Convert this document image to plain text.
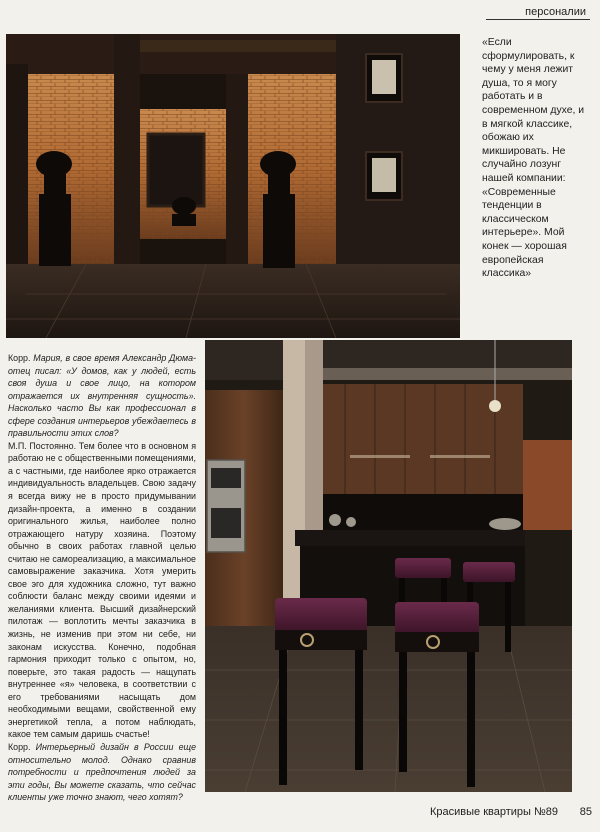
персоналии

«Если сформулировать, к чему у меня лежит душа, то я могу работать и в современном духе, и в мягкой классике, обожаю их микшировать. Не случайно лозунг нашей компании: «Современные тенденции в классическом интерьере». Мой конек — хорошая европейская классика»

Корр. Мария, в свое время Александр Дюма-отец писал: «У домов, как у людей, есть своя душа и свое лицо, на котором отражается их внутренняя сущность». Насколько часто Вы как профессионал в сфере создания интерьеров убеждаетесь в правильности этих слов?

М.П. Постоянно. Тем более что в основном я работаю не с общественными помещениями, а с частными, где наиболее ярко отражается индивидуальность владельцев. Свою задачу я всегда вижу не в просто придумывании дизайн-проекта, а именно в создании оригинального жилья, наиболее полно отражающего натуру хозяина. Поэтому обычно в своих работах главной целью считаю не самореализацию, а максимальное самовыражение заказчика. Хотя умерить свое эго для художника сложно, тут важно соблюсти баланс между своими идеями и желаниями клиента. Высший дизайнерский пилотаж — воплотить мечты заказчика в жизнь, не изменив при этом ни себе, ни законам искусства. Конечно, подобная гармония приходит только с опытом, но, поверьте, это такая радость — нащупать внутреннее «я» человека, в соответствии с его требованиями насыщать дом необходимыми вещами, свойственной ему энергетикой тепла, а потом наблюдать, какое тем самым даришь счастье!

Корр. Интерьерный дизайн в России еще относительно молод. Однако сравнив потребности и предпочтения людей за эти годы, Вы можете сказать, что сейчас клиенты уже точно знают, чего хотят?

Красивые квартиры №89 85
